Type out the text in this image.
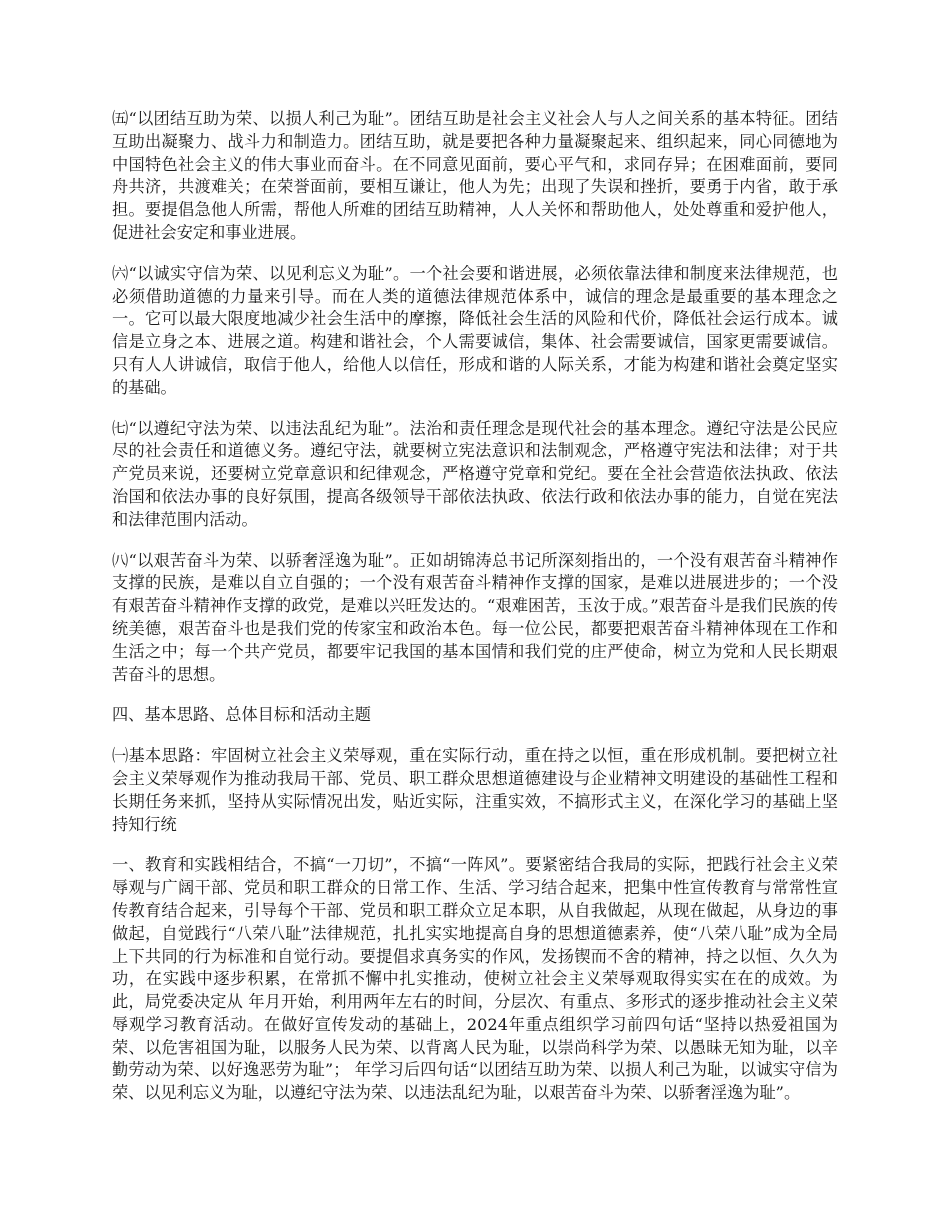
㈤“以团结互助为荣、以损人利己为耻”。团结互助是社会主义社会人与人之间关系的基本特征。团结互助出凝聚力、战斗力和制造力。团结互助，就是要把各种力量凝聚起来、组织起来，同心同德地为中国特色社会主义的伟大事业而奋斗。在不同意见面前，要心平气和，求同存异；在困难面前，要同舟共济，共渡难关；在荣誉面前，要相互谦让，他人为先；出现了失误和挫折，要勇于内省，敢于承担。要提倡急他人所需，帮他人所难的团结互助精神，人人关怀和帮助他人，处处尊重和爱护他人，促进社会安定和事业进展。

㈥“以诚实守信为荣、以见利忘义为耻”。一个社会要和谐进展，必须依靠法律和制度来法律规范，也必须借助道德的力量来引导。而在人类的道德法律规范体系中，诚信的理念是最重要的基本理念之一。它可以最大限度地减少社会生活中的摩擦，降低社会生活的风险和代价，降低社会运行成本。诚信是立身之本、进展之道。构建和谐社会，个人需要诚信，集体、社会需要诚信，国家更需要诚信。只有人人讲诚信，取信于他人，给他人以信任，形成和谐的人际关系，才能为构建和谐社会奠定坚实的基础。

㈦“以遵纪守法为荣、以违法乱纪为耻”。法治和责任理念是现代社会的基本理念。遵纪守法是公民应尽的社会责任和道德义务。遵纪守法，就要树立宪法意识和法制观念，严格遵守宪法和法律；对于共产党员来说，还要树立党章意识和纪律观念，严格遵守党章和党纪。要在全社会营造依法执政、依法治国和依法办事的良好氛围，提高各级领导干部依法执政、依法行政和依法办事的能力，自觉在宪法和法律范围内活动。

㈧“以艰苦奋斗为荣、以骄奢淫逸为耻”。正如胡锦涛总书记所深刻指出的，一个没有艰苦奋斗精神作支撑的民族，是难以自立自强的；一个没有艰苦奋斗精神作支撑的国家，是难以进展进步的；一个没有艰苦奋斗精神作支撑的政党，是难以兴旺发达的。“艰难困苦，玉汝于成。”艰苦奋斗是我们民族的传统美德，艰苦奋斗也是我们党的传家宝和政治本色。每一位公民，都要把艰苦奋斗精神体现在工作和生活之中；每一个共产党员，都要牢记我国的基本国情和我们党的庄严使命，树立为党和人民长期艰苦奋斗的思想。

四、基本思路、总体目标和活动主题

㈠基本思路：牢固树立社会主义荣辱观，重在实际行动，重在持之以恒，重在形成机制。要把树立社会主义荣辱观作为推动我局干部、党员、职工群众思想道德建设与企业精神文明建设的基础性工程和长期任务来抓，坚持从实际情况出发，贴近实际，注重实效，不搞形式主义，在深化学习的基础上坚持知行统

一、教育和实践相结合，不搞“一刀切”，不搞“一阵风”。要紧密结合我局的实际，把践行社会主义荣辱观与广阔干部、党员和职工群众的日常工作、生活、学习结合起来，把集中性宣传教育与常常性宣传教育结合起来，引导每个干部、党员和职工群众立足本职，从自我做起，从现在做起，从身边的事做起，自觉践行“八荣八耻”法律规范，扎扎实实地提高自身的思想道德素养，使“八荣八耻”成为全局上下共同的行为标准和自觉行动。要提倡求真务实的作风，发扬锲而不舍的精神，持之以恒、久久为功，在实践中逐步积累，在常抓不懈中扎实推动，使树立社会主义荣辱观取得实实在在的成效。为此，局党委决定从 年月开始，利用两年左右的时间，分层次、有重点、多形式的逐步推动社会主义荣辱观学习教育活动。在做好宣传发动的基础上，2024年重点组织学习前四句话“坚持以热爱祖国为荣、以危害祖国为耻，以服务人民为荣、以背离人民为耻，以崇尚科学为荣、以愚昧无知为耻，以辛勤劳动为荣、以好逸恶劳为耻”； 年学习后四句话“以团结互助为荣、以损人利己为耻，以诚实守信为荣、以见利忘义为耻，以遵纪守法为荣、以违法乱纪为耻，以艰苦奋斗为荣、以骄奢淫逸为耻”。
